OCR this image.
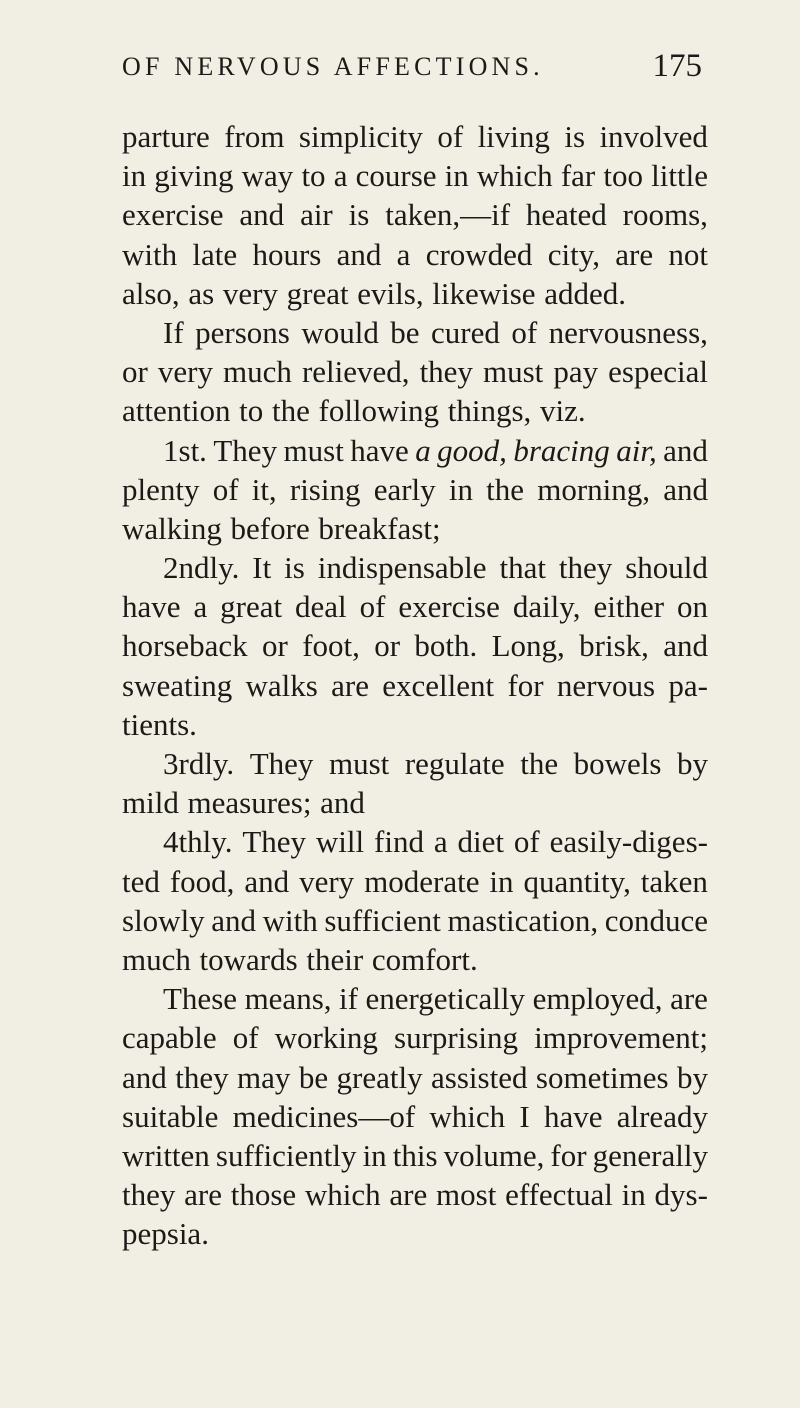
OF NERVOUS AFFECTIONS.	175
parture from simplicity of living is involved
in giving way to a course in which far too little
exercise and air is taken,—if heated rooms,
with late hours and a crowded city, are not
also, as very great evils, likewise added.
If persons would be cured of nervousness,
or very much relieved, they must pay especial
attention to the following things, viz.
1st. They must have a good, bracing air, and
plenty of it, rising early in the morning, and
walking before breakfast;
2ndly. It is indispensable that they should
have a great deal of exercise daily, either on
horseback or foot, or both. Long, brisk, and
sweating walks are excellent for nervous pa-
tients.
3rdly. They must regulate the bowels by
mild measures; and
4thly. They will find a diet of easily-diges-
ted food, and very moderate in quantity, taken
slowly and with sufficient mastication, conduce
much towards their comfort.
These means, if energetically employed, are
capable of working surprising improvement;
and they may be greatly assisted sometimes by
suitable medicines—of which I have already
written sufficiently in this volume, for generally
they are those which are most effectual in dys-
pepsia.
